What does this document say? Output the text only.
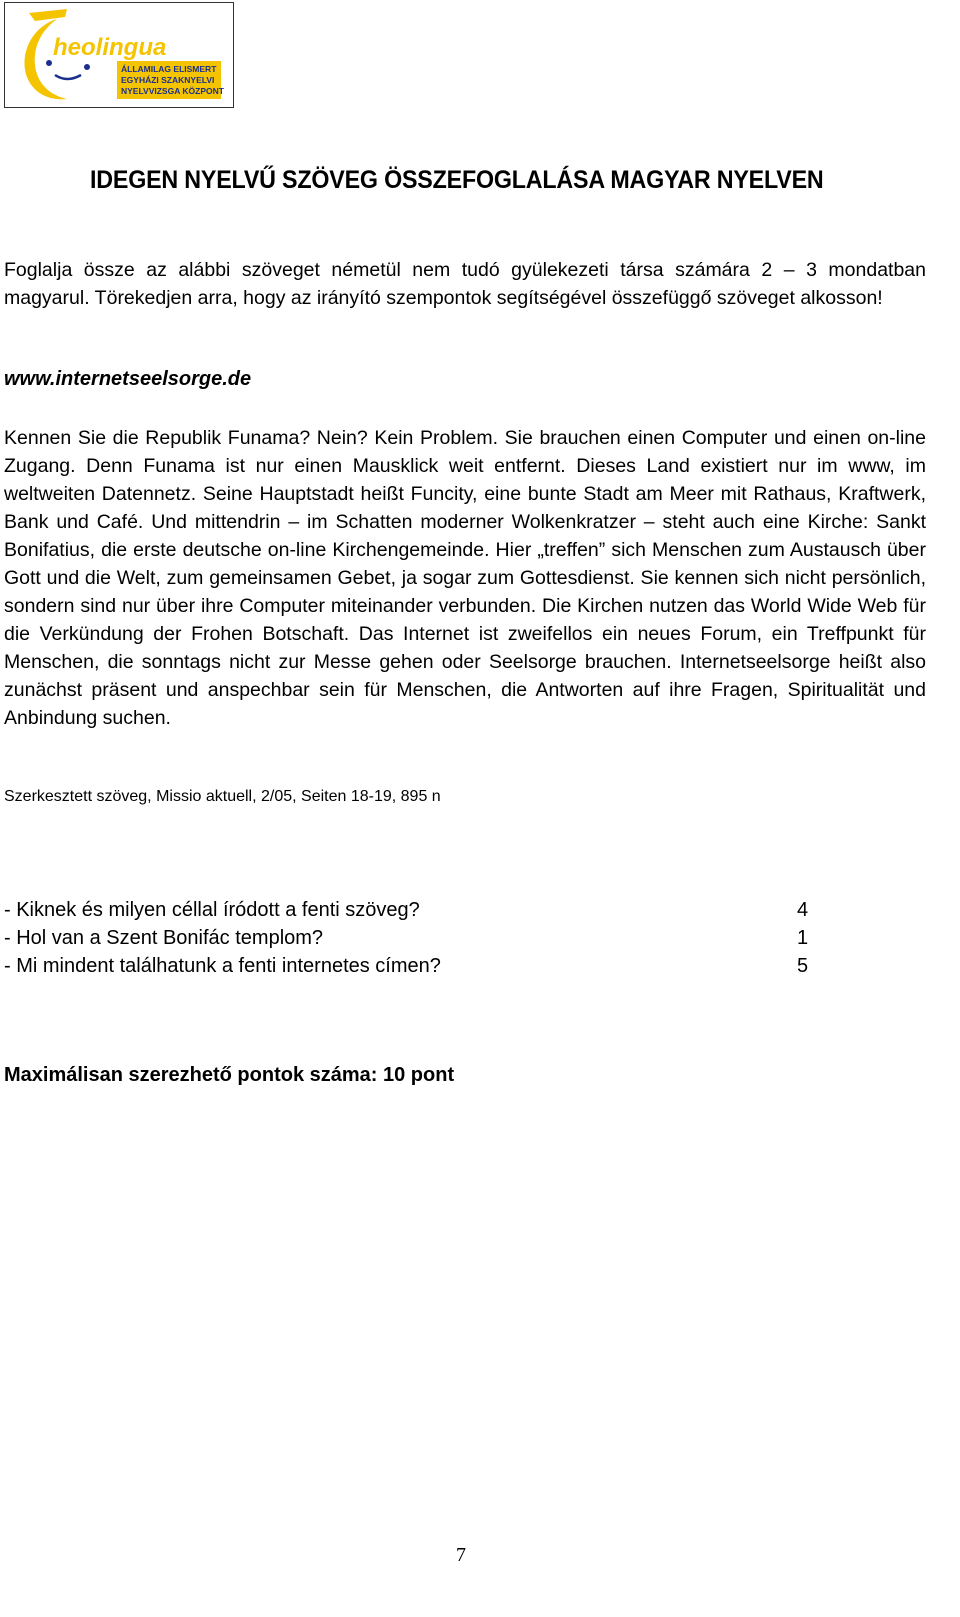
heolingua
ÁLLAMILAG ELISMERT
EGYHÁZI SZAKNYELVI
NYELVVIZSGA KÖZPONT
IDEGEN NYELVŰ SZÖVEG ÖSSZEFOGLALÁSA MAGYAR NYELVEN

Foglalja össze az alábbi szöveget németül nem tudó gyülekezeti társa számára 2 – 3 mondatban magyarul. Törekedjen arra, hogy az irányító szempontok segítségével összefüggő szöveget alkosson!

www.internetseelsorge.de

Kennen Sie die Republik Funama? Nein? Kein Problem. Sie brauchen einen Computer und einen on-line Zugang. Denn Funama ist nur einen Mausklick weit entfernt. Dieses Land existiert nur im www, im weltweiten Datennetz. Seine Hauptstadt heißt Funcity, eine bunte Stadt am Meer mit Rathaus, Kraftwerk, Bank und Café. Und mittendrin – im Schatten moderner Wolkenkratzer – steht auch eine Kirche: Sankt Bonifatius, die erste deutsche on-line Kirchengemeinde. Hier „treffen” sich Menschen zum Austausch über Gott und die Welt, zum gemeinsamen Gebet, ja sogar zum Gottesdienst. Sie kennen sich nicht persönlich, sondern sind nur über ihre Computer miteinander verbunden. Die Kirchen nutzen das World Wide Web für die Verkündung der Frohen Botschaft. Das Internet ist zweifellos ein neues Forum, ein Treffpunkt für Menschen, die sonntags nicht zur Messe gehen oder Seelsorge brauchen. Internetseelsorge heißt also zunächst präsent und anspechbar sein für Menschen, die Antworten auf ihre Fragen, Spiritualität und Anbindung suchen.

Szerkesztett szöveg, Missio aktuell, 2/05, Seiten 18-19, 895 n

- Kiknek és milyen céllal íródott a fenti szöveg?	4
- Hol van a Szent Bonifác templom?	1
- Mi mindent találhatunk a fenti internetes címen?	5

Maximálisan szerezhető pontok száma: 10 pont

7
